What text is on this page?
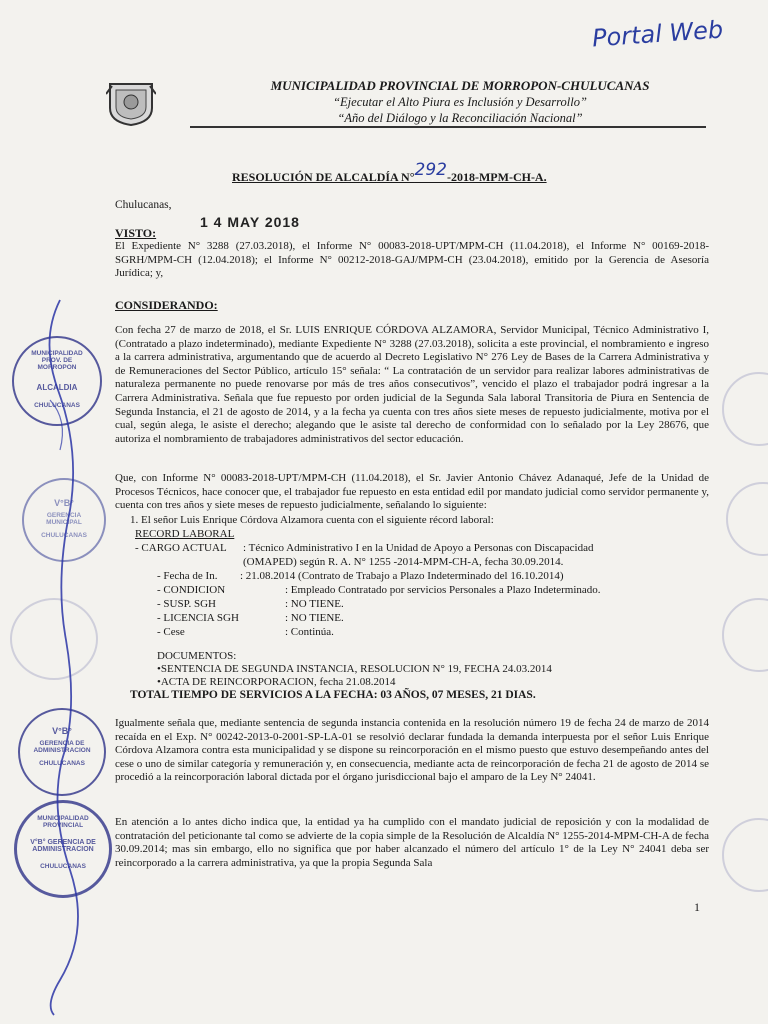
Portal Web
MUNICIPALIDAD PROVINCIAL DE MORROPON-CHULUCANAS
“Ejecutar el Alto Piura es Inclusión y Desarrollo”
“Año del Diálogo y la Reconciliación Nacional”
RESOLUCIÓN DE ALCALDÍA N°292-2018-MPM-CH-A.
Chulucanas,
1 4 MAY 2018
VISTO:
El Expediente N° 3288 (27.03.2018), el Informe N° 00083-2018-UPT/MPM-CH (11.04.2018), el Informe N° 00169-2018-SGRH/MPM-CH (12.04.2018); el Informe N° 00212-2018-GAJ/MPM-CH (23.04.2018), emitido por la Gerencia de Asesoría Jurídica; y,
CONSIDERANDO:
Con fecha 27 de marzo de 2018, el Sr. LUIS ENRIQUE CÓRDOVA ALZAMORA, Servidor Municipal, Técnico Administrativo I, (Contratado a plazo indeterminado), mediante Expediente N° 3288 (27.03.2018), solicita a este provincial, el nombramiento e ingreso a la carrera administrativa, argumentando que de acuerdo al Decreto Legislativo N° 276 Ley de Bases de la Carrera Administrativa y de Remuneraciones del Sector Público, artículo 15° señala: “ La contratación de un servidor para realizar labores administrativas de naturaleza permanente no puede renovarse por más de tres años consecutivos”, vencido el plazo el trabajador podrá ingresar a la Carrera Administrativa. Señala que fue repuesto por orden judicial de la Segunda Sala laboral Transitoria de Piura en Sentencia de Segunda Instancia, el 21 de agosto de 2014, y a la fecha ya cuenta con tres años siete meses de repuesto judicialmente, motiva por el cual, según alega, le asiste el derecho; alegando que le asiste tal derecho de conformidad con lo señalado por la Ley 28676, que autoriza el nombramiento de trabajadores administrativos del sector educación.
Que, con Informe N° 00083-2018-UPT/MPM-CH (11.04.2018), el Sr. Javier Antonio Chávez Adanaqué, Jefe de la Unidad de Procesos Técnicos, hace conocer que, el trabajador fue repuesto en esta entidad edil por mandato judicial como servidor permanente y, cuenta con tres años y siete meses de repuesto judicialmente, señalando lo siguiente:
1. El señor Luis Enrique Córdova Alzamora cuenta con el siguiente récord laboral:
RECORD LABORAL
- CARGO ACTUAL : Técnico Administrativo I en la Unidad de Apoyo a Personas con Discapacidad
(OMAPED) según R. A. N° 1255 -2014-MPM-CH-A, fecha 30.09.2014.
- Fecha de In. : 21.08.2014 (Contrato de Trabajo a Plazo Indeterminado del 16.10.2014)
- CONDICION	: Empleado Contratado por servicios Personales a Plazo Indeterminado.
- SUSP. SGH	: NO TIENE.
- LICENCIA SGH	: NO TIENE.
- Cese	: Continúa.
DOCUMENTOS:
•SENTENCIA DE SEGUNDA INSTANCIA, RESOLUCION N° 19, FECHA 24.03.2014
•ACTA DE REINCORPORACION, fecha 21.08.2014
TOTAL TIEMPO DE SERVICIOS A LA FECHA: 03 AÑOS, 07 MESES, 21 DIAS.
Igualmente señala que, mediante sentencia de segunda instancia contenida en la resolución número 19 de fecha 24 de marzo de 2014 recaída en el Exp. N° 00242-2013-0-2001-SP-LA-01 se resolvió declarar fundada la demanda interpuesta por el señor Luis Enrique Córdova Alzamora contra esta municipalidad y se dispone su reincorporación en el mismo puesto que estuvo desempeñando antes del cese o uno de similar categoría y remuneración y, en consecuencia, mediante acta de reincorporación de fecha 21 de agosto de 2014 se procedió a la reincorporación laboral dictada por el órgano jurisdiccional bajo el amparo de la Ley N° 24041.
En atención a lo antes dicho indica que, la entidad ya ha cumplido con el mandato judicial de reposición y con la modalidad de contratación del peticionante tal como se advierte de la copia simple de la Resolución de Alcaldía N° 1255-2014-MPM-CH-A de fecha 30.09.2014; mas sin embargo, ello no significa que por haber alcanzado el número del artículo 1° de la Ley N° 24041 deba ser reincorporado a la carrera administrativa, ya que la propia Segunda Sala
1
MUNICIPALIDAD PROV. DE MORROPON
ALCALDIA
CHULUCANAS
V°B°
GERENCIA MUNICIPAL
CHULUCANAS
V°B°
GERENCIA DE ADMINISTRACION
CHULUCANAS
MUNICIPALIDAD PROVINCIAL
V°B° GERENCIA DE ADMINISTRACION
CHULUCANAS
